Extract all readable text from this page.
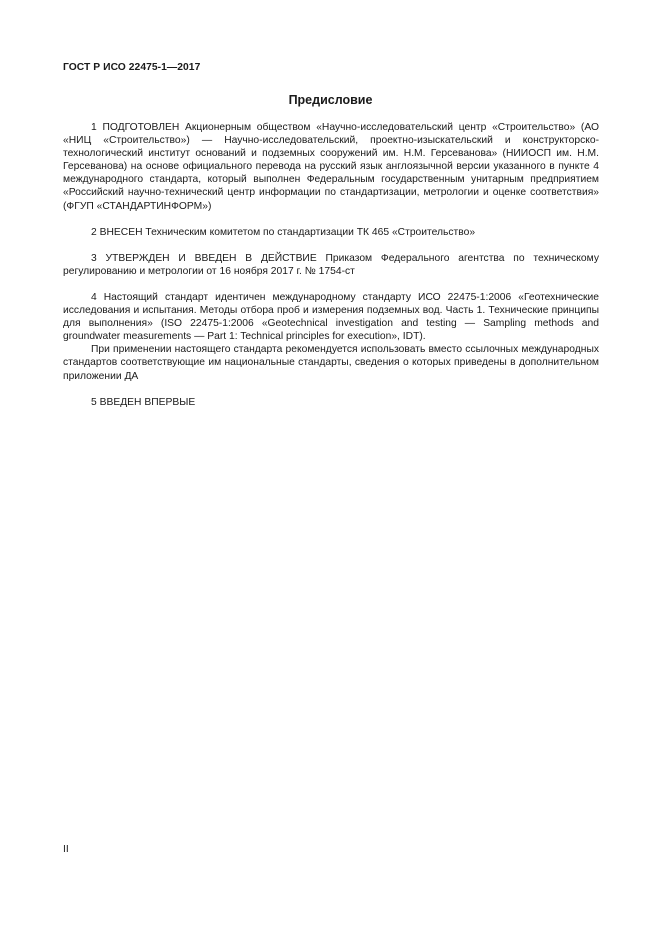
ГОСТ Р ИСО 22475-1—2017
Предисловие

1 ПОДГОТОВЛЕН Акционерным обществом «Научно-исследовательский центр «Строительство» (АО «НИЦ «Строительство») — Научно-исследовательский, проектно-изыскательский и конструкторско-технологический институт оснований и подземных сооружений им. Н.М. Герсеванова» (НИИОСП им. Н.М. Герсеванова) на основе официального перевода на русский язык англоязычной версии указанного в пункте 4 международного стандарта, который выполнен Федеральным государственным унитарным предприятием «Российский научно-технический центр информации по стандартизации, метрологии и оценке соответствия» (ФГУП «СТАНДАРТИНФОРМ»)

2 ВНЕСЕН Техническим комитетом по стандартизации ТК 465 «Строительство»

3 УТВЕРЖДЕН И ВВЕДЕН В ДЕЙСТВИЕ Приказом Федерального агентства по техническому регулированию и метрологии от 16 ноября 2017 г. № 1754-ст

4 Настоящий стандарт идентичен международному стандарту ИСО 22475-1:2006 «Геотехнические исследования и испытания. Методы отбора проб и измерения подземных вод. Часть 1. Технические принципы для выполнения» (ISO 22475-1:2006 «Geotechnical investigation and testing — Sampling methods and groundwater measurements — Part 1: Technical principles for execution», IDT).

При применении настоящего стандарта рекомендуется использовать вместо ссылочных международных стандартов соответствующие им национальные стандарты, сведения о которых приведены в дополнительном приложении ДА

5 ВВЕДЕН ВПЕРВЫЕ

II
